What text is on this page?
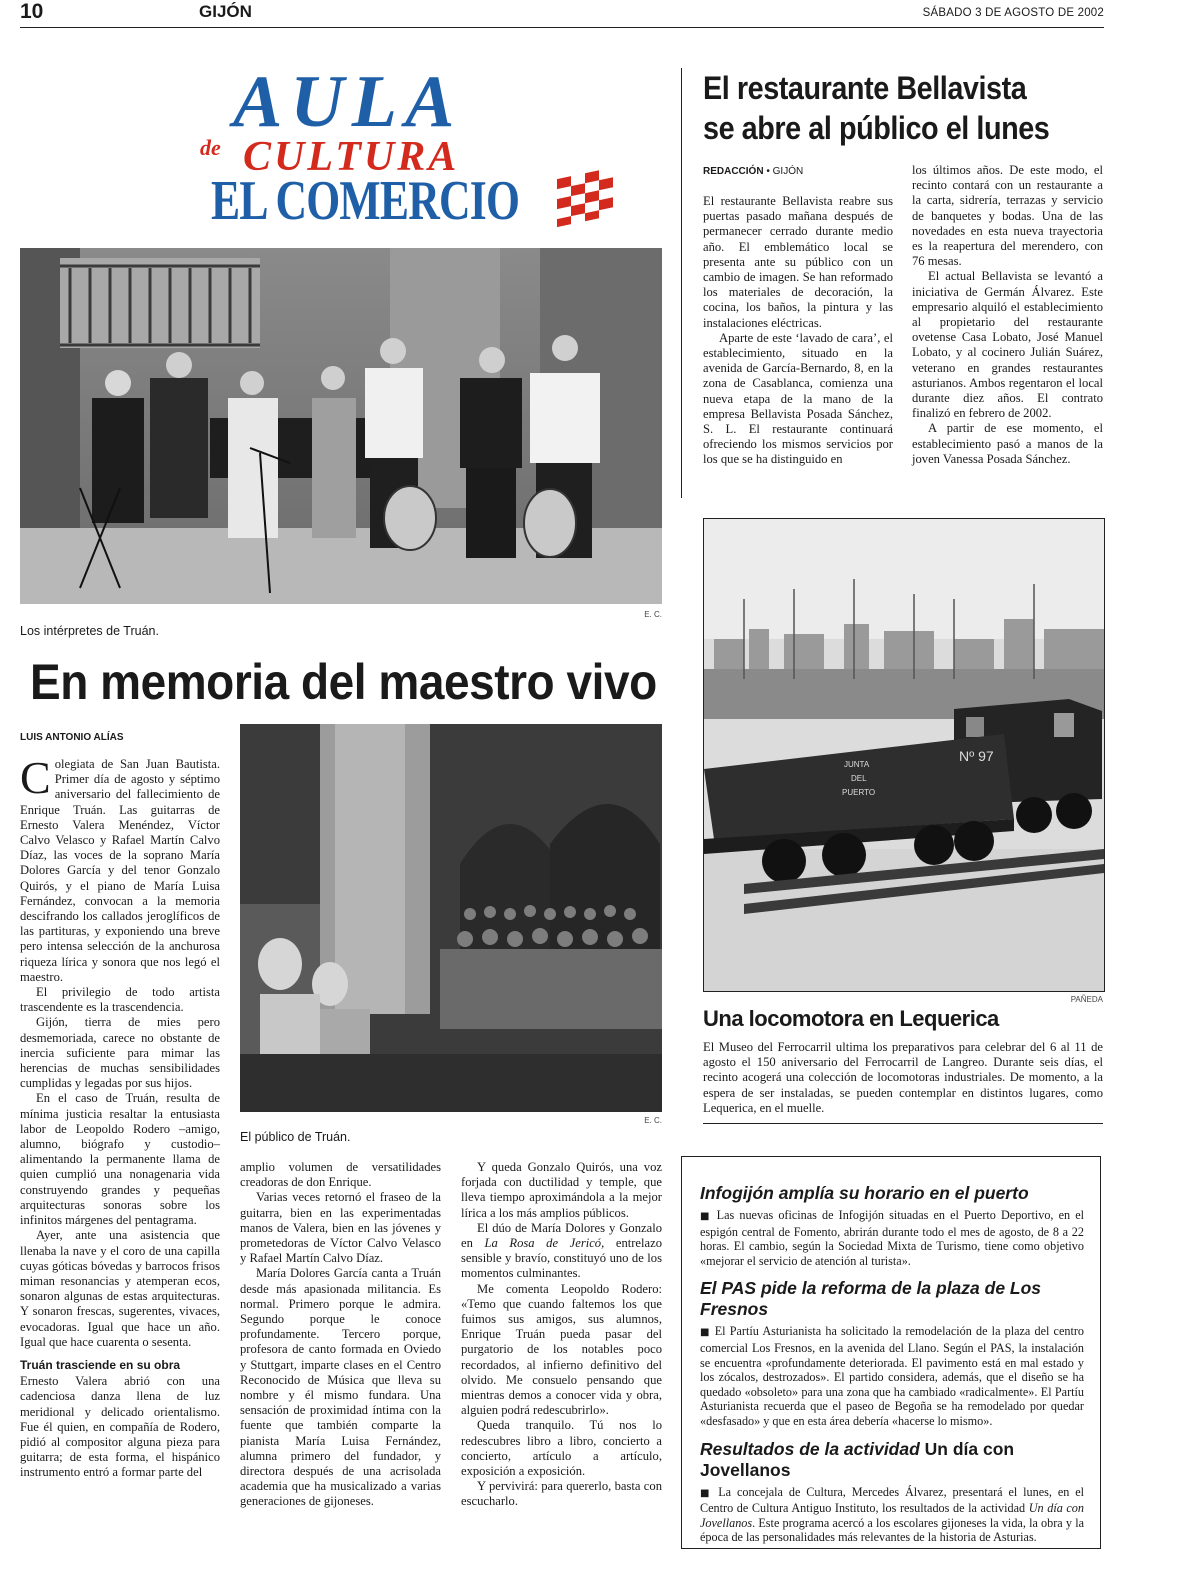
10	GIJÓN	SÁBADO 3 DE AGOSTO DE 2002
AULA
de CULTURA
EL COMERCIO
E. C.
Los intérpretes de Truán.
En memoria del maestro vivo
LUIS ANTONIO ALÍAS

Colegiata de San Juan Bautista. Primer día de agosto y séptimo aniversario del fallecimiento de Enrique Truán. Las guitarras de Ernesto Valera Menéndez, Víctor Calvo Velasco y Rafael Martín Calvo Díaz, las voces de la soprano María Dolores García y del tenor Gonzalo Quirós, y el piano de María Luisa Fernández, convocan a la memoria descifrando los callados jeroglíficos de las partituras, y exponiendo una breve pero intensa selección de la anchurosa riqueza lírica y sonora que nos legó el maestro.

El privilegio de todo artista trascendente es la trascendencia.

Gijón, tierra de mies pero desmemoriada, carece no obstante de inercia suficiente para mimar las herencias de muchas sensibilidades cumplidas y legadas por sus hijos.

En el caso de Truán, resulta de mínima justicia resaltar la entusiasta labor de Leopoldo Rodero –amigo, alumno, biógrafo y custodio– alimentando la permanente llama de quien cumplió una nonagenaria vida construyendo grandes y pequeñas arquitecturas sonoras sobre los infinitos márgenes del pentagrama.

Ayer, ante una asistencia que llenaba la nave y el coro de una capilla cuyas góticas bóvedas y barrocos frisos miman resonancias y atemperan ecos, sonaron algunas de estas arquitecturas. Y sonaron frescas, sugerentes, vivaces, evocadoras. Igual que hace un año. Igual que hace cuarenta o sesenta.

Truán trasciende en su obra

Ernesto Valera abrió con una cadenciosa danza llena de luz meridional y delicado orientalismo. Fue él quien, en compañía de Rodero, pidió al compositor alguna pieza para guitarra; de esta forma, el hispánico instrumento entró a formar parte del

E. C.
El público de Truán.

amplio volumen de versatilidades creadoras de don Enrique.

Varias veces retornó el fraseo de la guitarra, bien en las experimentadas manos de Valera, bien en las jóvenes y prometedoras de Víctor Calvo Velasco y Rafael Martín Calvo Díaz.

María Dolores García canta a Truán desde más apasionada militancia. Es normal. Primero porque le admira. Segundo porque le conoce profundamente. Tercero porque, profesora de canto formada en Oviedo y Stuttgart, imparte clases en el Centro Reconocido de Música que lleva su nombre y él mismo fundara. Una sensación de proximidad íntima con la fuente que también comparte la pianista María Luisa Fernández, alumna primero del fundador, y directora después de una acrisolada academia que ha musicalizado a varias generaciones de gijoneses.

Y queda Gonzalo Quirós, una voz forjada con ductilidad y temple, que lleva tiempo aproximándola a la mejor lírica a los más amplios públicos.

El dúo de María Dolores y Gonzalo en La Rosa de Jericó, entrelazo sensible y bravío, constituyó uno de los momentos culminantes.

Me comenta Leopoldo Rodero: «Temo que cuando faltemos los que fuimos sus amigos, sus alumnos, Enrique Truán pueda pasar del purgatorio de los notables poco recordados, al infierno definitivo del olvido. Me consuelo pensando que mientras demos a conocer vida y obra, alguien podrá redescubrirlo».

Queda tranquilo. Tú nos lo redescubres libro a libro, concierto a concierto, artículo a artículo, exposición a exposición.

Y pervivirá: para quererlo, basta con escucharlo.

El restaurante Bellavista
se abre al público el lunes
REDACCIÓN • GIJÓN

El restaurante Bellavista reabre sus puertas pasado mañana después de permanecer cerrado durante medio año. El emblemático local se presenta ante su público con un cambio de imagen. Se han reformado los materiales de decoración, la cocina, los baños, la pintura y las instalaciones eléctricas.

Aparte de este ‘lavado de cara’, el establecimiento, situado en la avenida de García-Bernardo, 8, en la zona de Casablanca, comienza una nueva etapa de la mano de la empresa Bellavista Posada Sánchez, S. L. El restaurante continuará ofreciendo los mismos servicios por los que se ha distinguido en

los últimos años. De este modo, el recinto contará con un restaurante a la carta, sidrería, terrazas y servicio de banquetes y bodas. Una de las novedades en esta nueva trayectoria es la reapertura del merendero, con 76 mesas.

El actual Bellavista se levantó a iniciativa de Germán Álvarez. Este empresario alquiló el establecimiento al propietario del restaurante ovetense Casa Lobato, José Manuel Lobato, y al cocinero Julián Suárez, veterano en grandes restaurantes asturianos. Ambos regentaron el local durante diez años. El contrato finalizó en febrero de 2002.

A partir de ese momento, el establecimiento pasó a manos de la joven Vanessa Posada Sánchez.

JUNTA
DEL
PUERTO
Nº 97
PAÑEDA
Una locomotora en Lequerica

El Museo del Ferrocarril ultima los preparativos para celebrar del 6 al 11 de agosto el 150 aniversario del Ferrocarril de Langreo. Durante seis días, el recinto acogerá una colección de locomotoras industriales. De momento, a la espera de ser instaladas, se pueden contemplar en distintos lugares, como Lequerica, en el muelle.

Infogijón amplía su horario en el puerto

■ Las nuevas oficinas de Infogijón situadas en el Puerto Deportivo, en el espigón central de Fomento, abrirán durante todo el mes de agosto, de 8 a 22 horas. El cambio, según la Sociedad Mixta de Turismo, tiene como objetivo «mejorar el servicio de atención al turista».

El PAS pide la reforma de la plaza de Los Fresnos

■ El Partíu Asturianista ha solicitado la remodelación de la plaza del centro comercial Los Fresnos, en la avenida del Llano. Según el PAS, la instalación se encuentra «profundamente deteriorada. El pavimento está en mal estado y los zócalos, destrozados». El partido considera, además, que el diseño se ha quedado «obsoleto» para una zona que ha cambiado «radicalmente». El Partíu Asturianista recuerda que el paseo de Begoña se ha remodelado por quedar «desfasado» y que en esta área debería «hacerse lo mismo».

Resultados de la actividad Un día con Jovellanos

■ La concejala de Cultura, Mercedes Álvarez, presentará el lunes, en el Centro de Cultura Antiguo Instituto, los resultados de la actividad Un día con Jovellanos. Este programa acercó a los escolares gijoneses la vida, la obra y la época de las personalidades más relevantes de la historia de Asturias.
